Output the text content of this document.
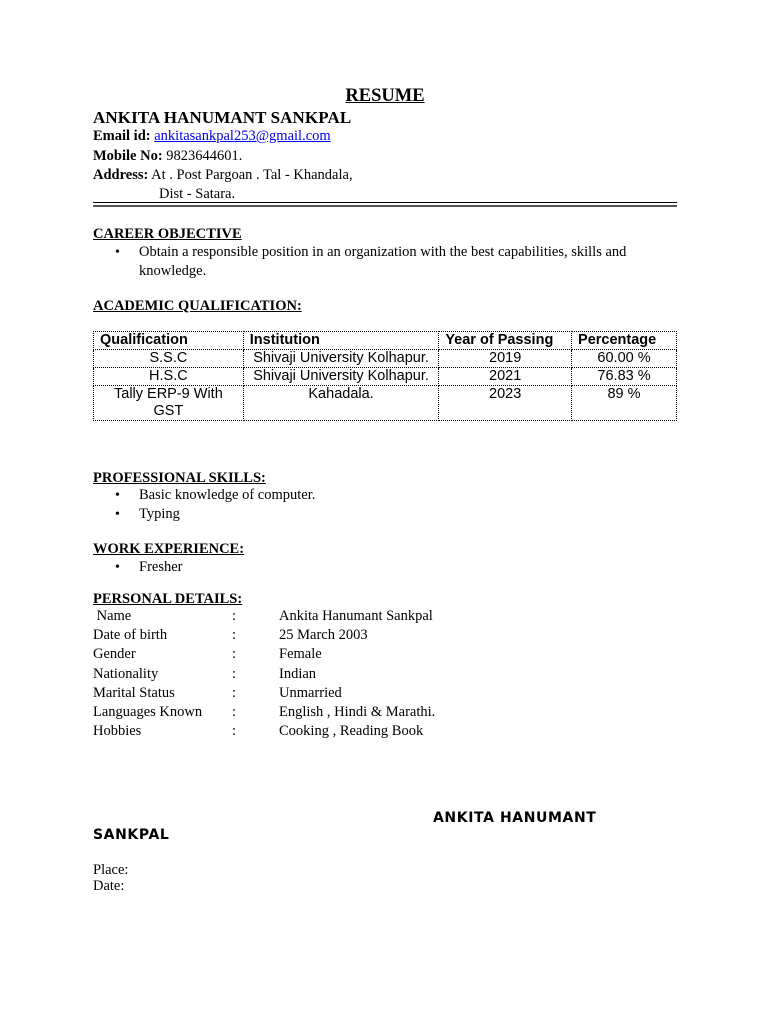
RESUME
ANKITA HANUMANT SANKPAL
Email id: ankitasankpal253@gmail.com
Mobile No: 9823644601.
Address: At . Post Pargoan . Tal - Khandala,
Dist - Satara.
CAREER OBJECTIVE
• Obtain a responsible position in an organization with the best capabilities, skills and knowledge.
ACADEMIC QUALIFICATION:
Qualification	Institution	Year of Passing	Percentage
S.S.C	Shivaji University Kolhapur.	2019	60.00 %
H.S.C	Shivaji University Kolhapur.	2021	76.83 %
Tally ERP-9 With GST	Kahadala.	2023	89 %
PROFESSIONAL SKILLS:
• Basic knowledge of computer.
• Typing
WORK EXPERIENCE:
• Fresher
PERSONAL DETAILS:
Name	:	Ankita Hanumant Sankpal
Date of birth	:	25 March 2003
Gender	:	Female
Nationality	:	Indian
Marital Status	:	Unmarried
Languages Known :	English , Hindi & Marathi.
Hobbies	:	Cooking , Reading Book
ANKITA HANUMANT
SANKPAL
Place:
Date:
